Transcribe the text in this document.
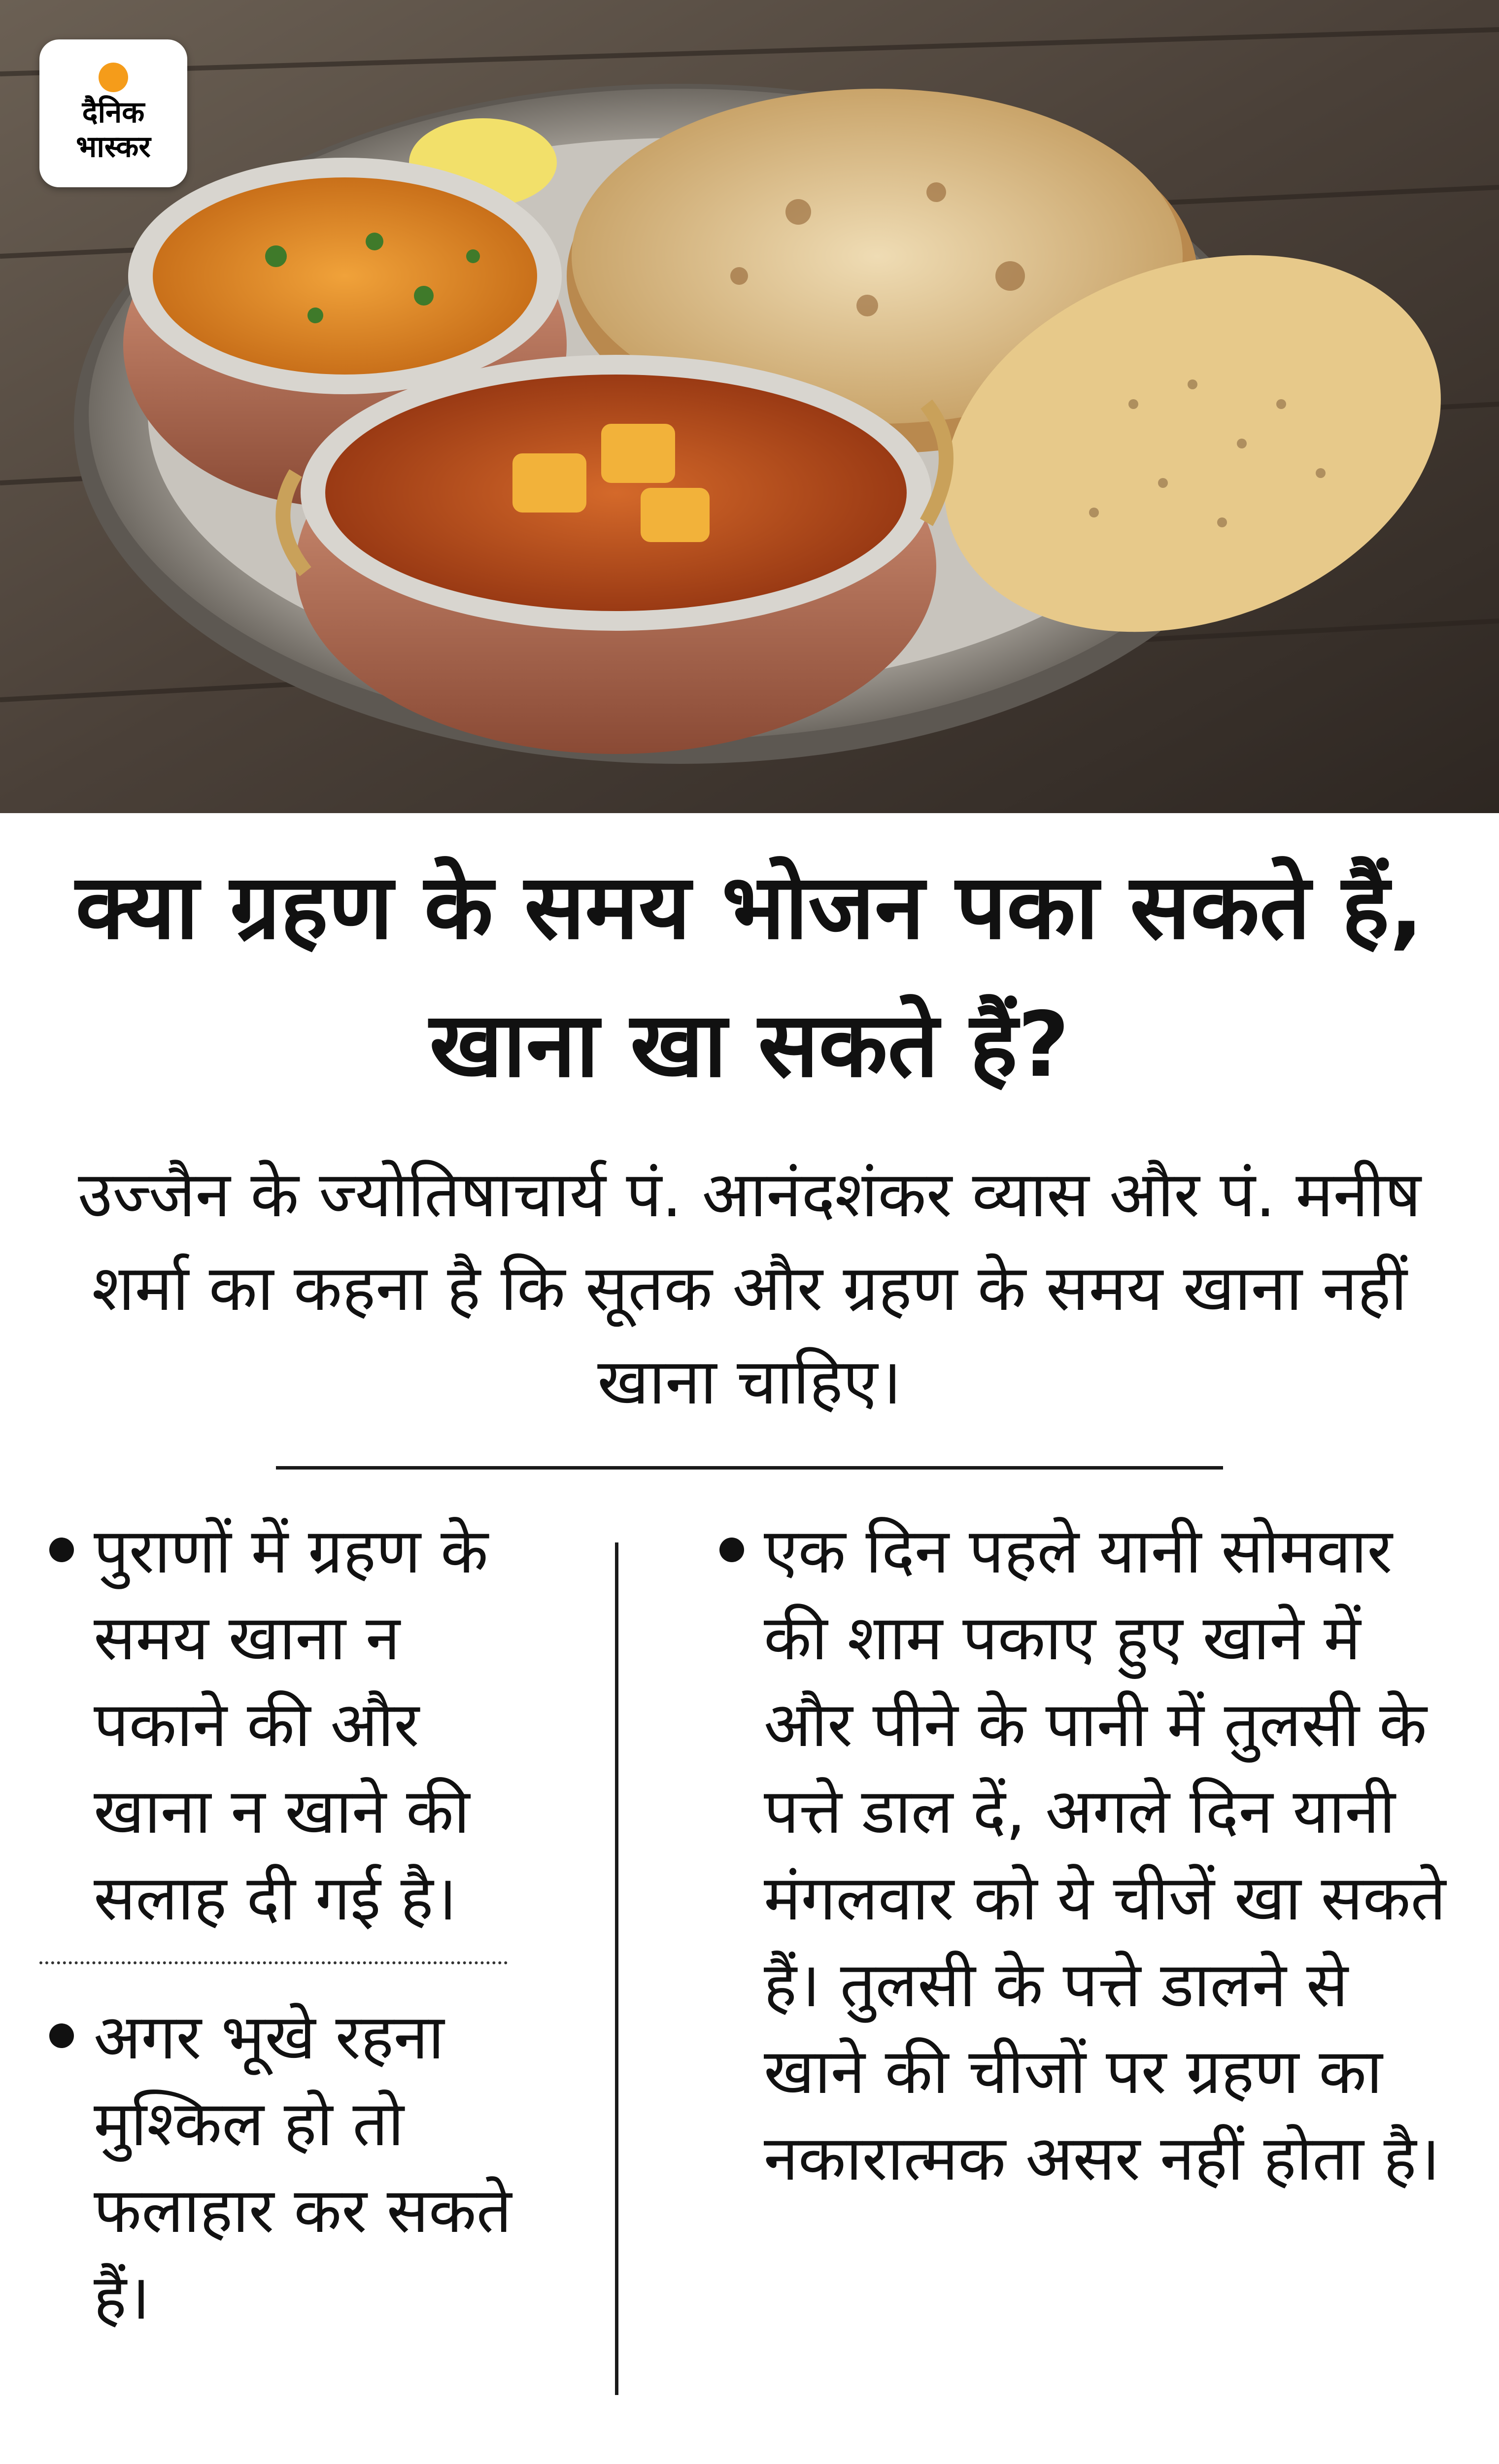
दैनिक
भास्कर
क्या ग्रहण के समय भोजन पका सकते हैं, खाना खा सकते हैं?

उज्जैन के ज्योतिषाचार्य पं. आनंदशंकर व्यास और पं. मनीष शर्मा का कहना है कि सूतक और ग्रहण के समय खाना नहीं खाना चाहिए।

पुराणों में ग्रहण के समय खाना न पकाने की और खाना न खाने की सलाह दी गई है।

अगर भूखे रहना मुश्किल हो तो फलाहार कर सकते हैं।

एक दिन पहले यानी सोमवार की शाम पकाए हुए खाने में और पीने के पानी में तुलसी के पत्ते डाल दें, अगले दिन यानी मंगलवार को ये चीजें खा सकते हैं। तुलसी के पत्ते डालने से खाने की चीजों पर ग्रहण का नकारात्मक असर नहीं होता है।
